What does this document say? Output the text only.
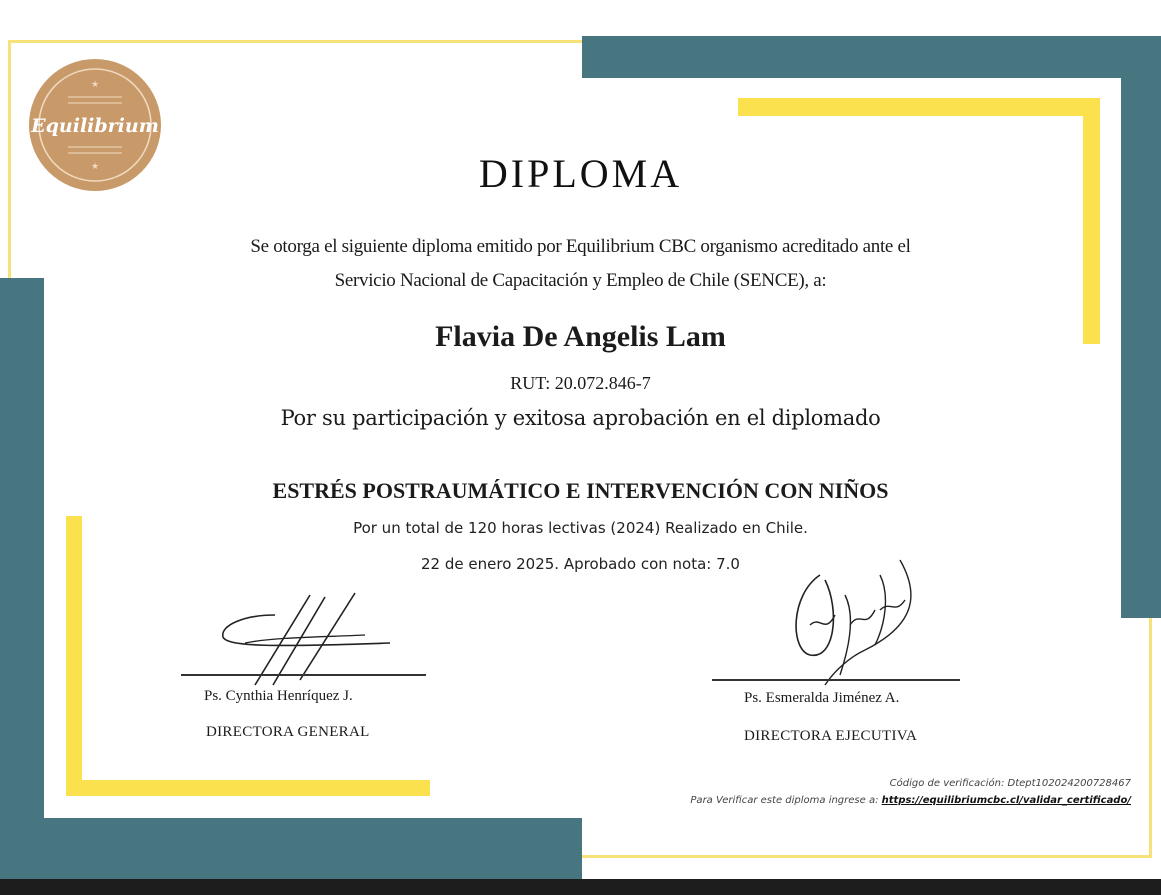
★
★
Equilibrium
DIPLOMA
Se otorga el siguiente diploma emitido por Equilibrium CBC organismo acreditado ante el
Servicio Nacional de Capacitación y Empleo de Chile (SENCE), a:
Flavia De Angelis Lam
RUT: 20.072.846-7
Por su participación y exitosa aprobación en el diplomado
ESTRÉS POSTRAUMÁTICO E INTERVENCIÓN CON NIÑOS
Por un total de 120 horas lectivas (2024) Realizado en Chile.
22 de enero 2025. Aprobado con nota: 7.0
Ps. Cynthia Henríquez J.
DIRECTORA GENERAL
Ps. Esmeralda Jiménez A.
DIRECTORA EJECUTIVA
Código de verificación: Dtept102024200728467
Para Verificar este diploma ingrese a: https://equilibriumcbc.cl/validar_certificado/
